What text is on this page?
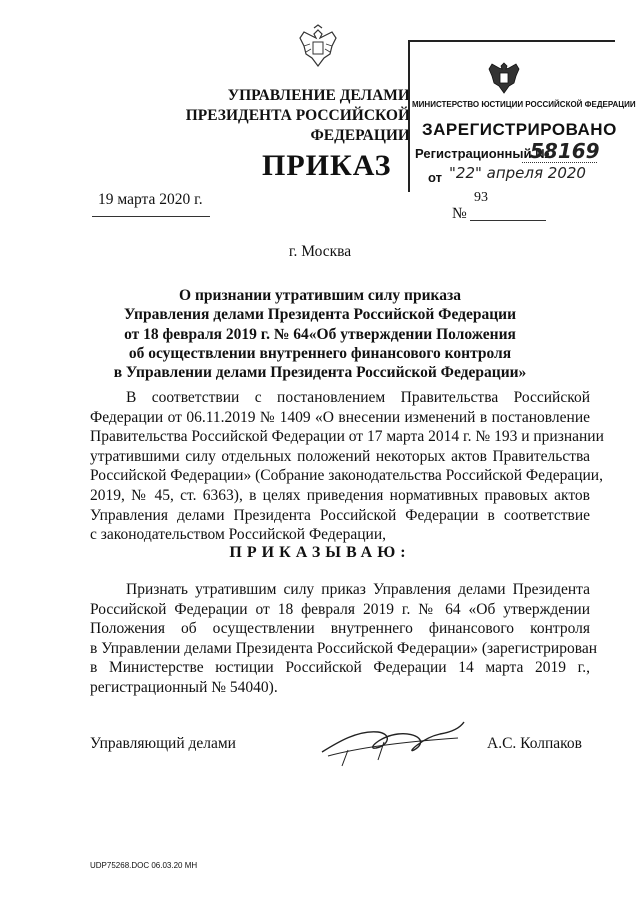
УПРАВЛЕНИЕ ДЕЛАМИ
ПРЕЗИДЕНТА РОССИЙСКОЙ ФЕДЕРАЦИИ
МИНИСТЕРСТВО ЮСТИЦИИ РОССИЙСКОЙ ФЕДЕРАЦИИ
ЗАРЕГИСТРИРОВАНО
Регистрационный №
58169
от "22" апреля 2020
ПРИКАЗ
19 марта 2020 г.	93
№
г. Москва
О признании утратившим силу приказа
Управления делами Президента Российской Федерации
от 18 февраля 2019 г. № 64«Об утверждении Положения
об осуществлении внутреннего финансового контроля
в Управлении делами Президента Российской Федерации»
В соответствии с постановлением Правительства Российской
Федерации от 06.11.2019 № 1409 «О внесении изменений в постановление
Правительства Российской Федерации от 17 марта 2014 г. № 193 и признании
утратившими силу отдельных положений некоторых актов Правительства
Российской Федерации» (Собрание законодательства Российской Федерации,
2019, № 45, ст. 6363), в целях приведения нормативных правовых актов
Управления делами Президента Российской Федерации в соответствие
с законодательством Российской Федерации,
ПРИКАЗЫВАЮ:
Признать утратившим силу приказ Управления делами Президента
Российской Федерации от 18 февраля 2019 г. № 64 «Об утверждении
Положения об осуществлении внутреннего финансового контроля
в Управлении делами Президента Российской Федерации» (зарегистрирован
в Министерстве юстиции Российской Федерации 14 марта 2019 г.,
регистрационный № 54040).
Управляющий делами	А.С. Колпаков
UDP75268.DOC 06.03.20 МН
